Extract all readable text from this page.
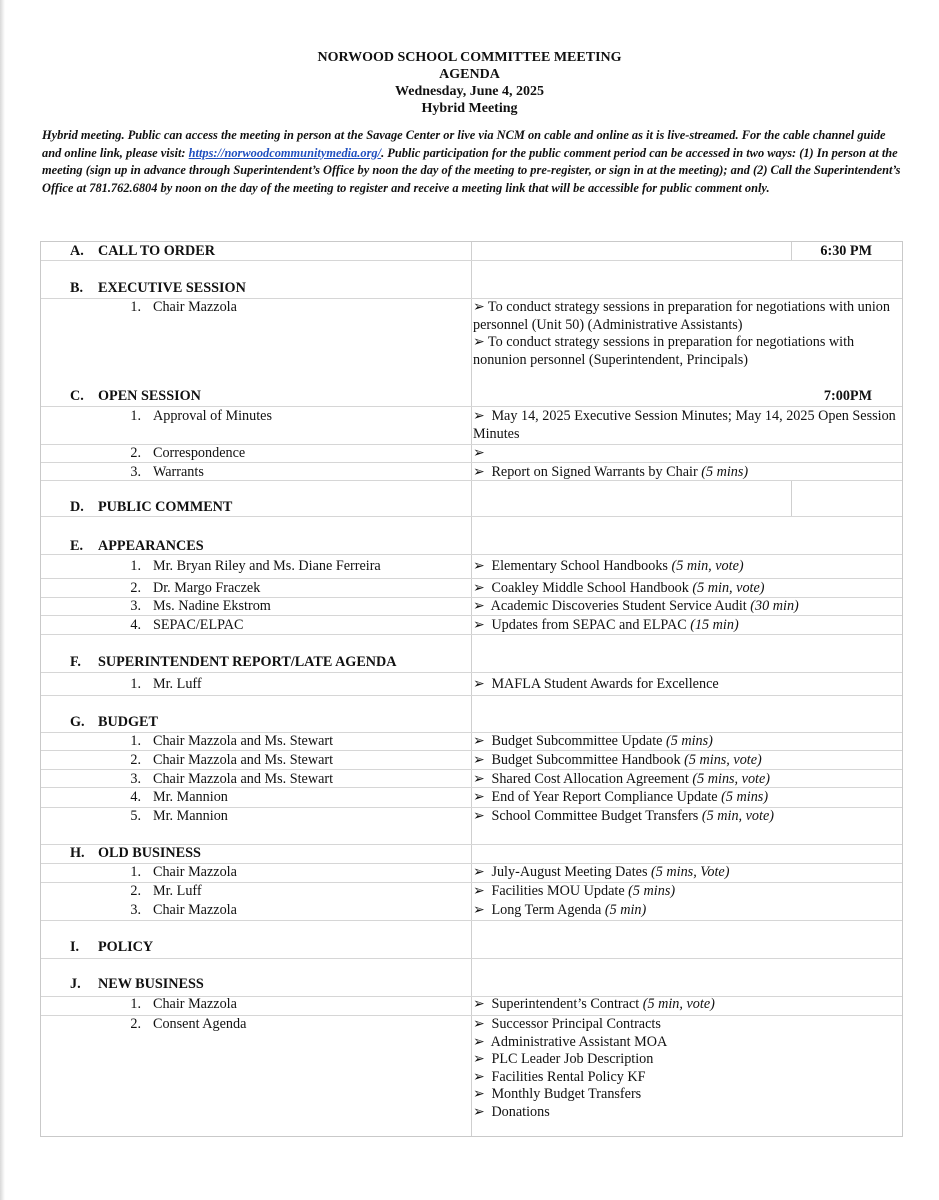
NORWOOD SCHOOL COMMITTEE MEETING
AGENDA
Wednesday, June 4, 2025
Hybrid Meeting
Hybrid meeting. Public can access the meeting in person at the Savage Center or live via NCM on cable and online as it is live-streamed. For the cable channel guide and online link, please visit: https://norwoodcommunitymedia.org/. Public participation for the public comment period can be accessed in two ways: (1) In person at the meeting (sign up in advance through Superintendent’s Office by noon the day of the meeting to pre-register, or sign in at the meeting); and (2) Call the Superintendent’s Office at 781.762.6804 by noon on the day of the meeting to register and receive a meeting link that will be accessible for public comment only.
A. CALL TO ORDER	6:30 PM
B. EXECUTIVE SESSION
1. Chair Mazzola	➢ To conduct strategy sessions in preparation for negotiations with union personnel (Unit 50) (Administrative Assistants)
➢ To conduct strategy sessions in preparation for negotiations with nonunion personnel (Superintendent, Principals)
C. OPEN SESSION	7:00PM
1. Approval of Minutes	➢ May 14, 2025 Executive Session Minutes; May 14, 2025 Open Session Minutes
2. Correspondence	➢
3. Warrants	➢ Report on Signed Warrants by Chair (5 mins)
D. PUBLIC COMMENT
E. APPEARANCES
1. Mr. Bryan Riley and Ms. Diane Ferreira	➢ Elementary School Handbooks (5 min, vote)
2. Dr. Margo Fraczek	➢ Coakley Middle School Handbook (5 min, vote)
3. Ms. Nadine Ekstrom	➢ Academic Discoveries Student Service Audit (30 min)
4. SEPAC/ELPAC	➢ Updates from SEPAC and ELPAC (15 min)
F. SUPERINTENDENT REPORT/LATE AGENDA
1. Mr. Luff	➢ MAFLA Student Awards for Excellence
G. BUDGET
1. Chair Mazzola and Ms. Stewart	➢ Budget Subcommittee Update (5 mins)
2. Chair Mazzola and Ms. Stewart	➢ Budget Subcommittee Handbook (5 mins, vote)
3. Chair Mazzola and Ms. Stewart	➢ Shared Cost Allocation Agreement (5 mins, vote)
4. Mr. Mannion	➢ End of Year Report Compliance Update (5 mins)
5. Mr. Mannion	➢ School Committee Budget Transfers (5 min, vote)
H. OLD BUSINESS
1. Chair Mazzola	➢ July-August Meeting Dates (5 mins, Vote)
2. Mr. Luff	➢ Facilities MOU Update (5 mins)
3. Chair Mazzola	➢ Long Term Agenda (5 min)
I. POLICY
J. NEW BUSINESS
1. Chair Mazzola	➢ Superintendent’s Contract (5 min, vote)
2. Consent Agenda	➢ Successor Principal Contracts
➢ Administrative Assistant MOA
➢ PLC Leader Job Description
➢ Facilities Rental Policy KF
➢ Monthly Budget Transfers
➢ Donations
